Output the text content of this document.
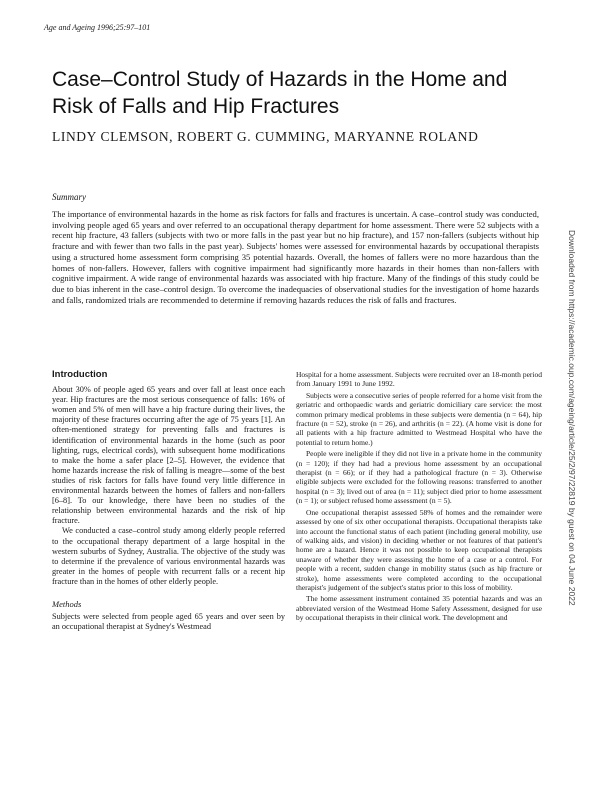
Age and Ageing 1996;25:97–101
Case–Control Study of Hazards in the Home and Risk of Falls and Hip Fractures
LINDY CLEMSON, ROBERT G. CUMMING, MARYANNE ROLAND
Summary

The importance of environmental hazards in the home as risk factors for falls and fractures is uncertain. A case–control study was conducted, involving people aged 65 years and over referred to an occupational therapy department for home assessment. There were 52 subjects with a recent hip fracture, 43 fallers (subjects with two or more falls in the past year but no hip fracture), and 157 non-fallers (subjects without hip fracture and with fewer than two falls in the past year). Subjects' homes were assessed for environmental hazards by occupational therapists using a structured home assessment form comprising 35 potential hazards. Overall, the homes of fallers were no more hazardous than the homes of non-fallers. However, fallers with cognitive impairment had significantly more hazards in their homes than non-fallers with cognitive impairment. A wide range of environmental hazards was associated with hip fracture. Many of the findings of this study could be due to bias inherent in the case–control design. To overcome the inadequacies of observational studies for the investigation of home hazards and falls, randomized trials are recommended to determine if removing hazards reduces the risk of falls and fractures.

Introduction

About 30% of people aged 65 years and over fall at least once each year. Hip fractures are the most serious consequence of falls: 16% of women and 5% of men will have a hip fracture during their lives, the majority of these fractures occurring after the age of 75 years [1]. An often-mentioned strategy for preventing falls and fractures is identification of environmental hazards in the home (such as poor lighting, rugs, electrical cords), with subsequent home modifications to make the home a safer place [2–5]. However, the evidence that home hazards increase the risk of falling is meagre—some of the best studies of risk factors for falls have found very little difference in environmental hazards between the homes of fallers and non-fallers [6–8]. To our knowledge, there have been no studies of the relationship between environmental hazards and the risk of hip fracture.

We conducted a case–control study among elderly people referred to the occupational therapy department of a large hospital in the western suburbs of Sydney, Australia. The objective of the study was to determine if the prevalence of various environmental hazards was greater in the homes of people with recurrent falls or a recent hip fracture than in the homes of other elderly people.

Methods

Subjects were selected from people aged 65 years and over seen by an occupational therapist at Sydney's Westmead

Hospital for a home assessment. Subjects were recruited over an 18-month period from January 1991 to June 1992.

Subjects were a consecutive series of people referred for a home visit from the geriatric and orthopaedic wards and geriatric domiciliary care service: the most common primary medical problems in these subjects were dementia (n = 64), hip fracture (n = 52), stroke (n = 26), and arthritis (n = 22). (A home visit is done for all patients with a hip fracture admitted to Westmead Hospital who have the potential to return home.)

People were ineligible if they did not live in a private home in the community (n = 120); if they had had a previous home assessment by an occupational therapist (n = 66); or if they had a pathological fracture (n = 3). Otherwise eligible subjects were excluded for the following reasons: transferred to another hospital (n = 3); lived out of area (n = 11); subject died prior to home assessment (n = 1); or subject refused home assessment (n = 5).

One occupational therapist assessed 58% of homes and the remainder were assessed by one of six other occupational therapists. Occupational therapists take into account the functional status of each patient (including general mobility, use of walking aids, and vision) in deciding whether or not features of that patient's home are a hazard. Hence it was not possible to keep occupational therapists unaware of whether they were assessing the home of a case or a control. For people with a recent, sudden change in mobility status (such as hip fracture or stroke), home assessments were completed according to the occupational therapist's judgement of the subject's status prior to this loss of mobility.

The home assessment instrument contained 35 potential hazards and was an abbreviated version of the Westmead Home Safety Assessment, designed for use by occupational therapists in their clinical work. The development and

Downloaded from https://academic.oup.com/ageing/article/25/2/97/22819 by guest on 04 June 2022
